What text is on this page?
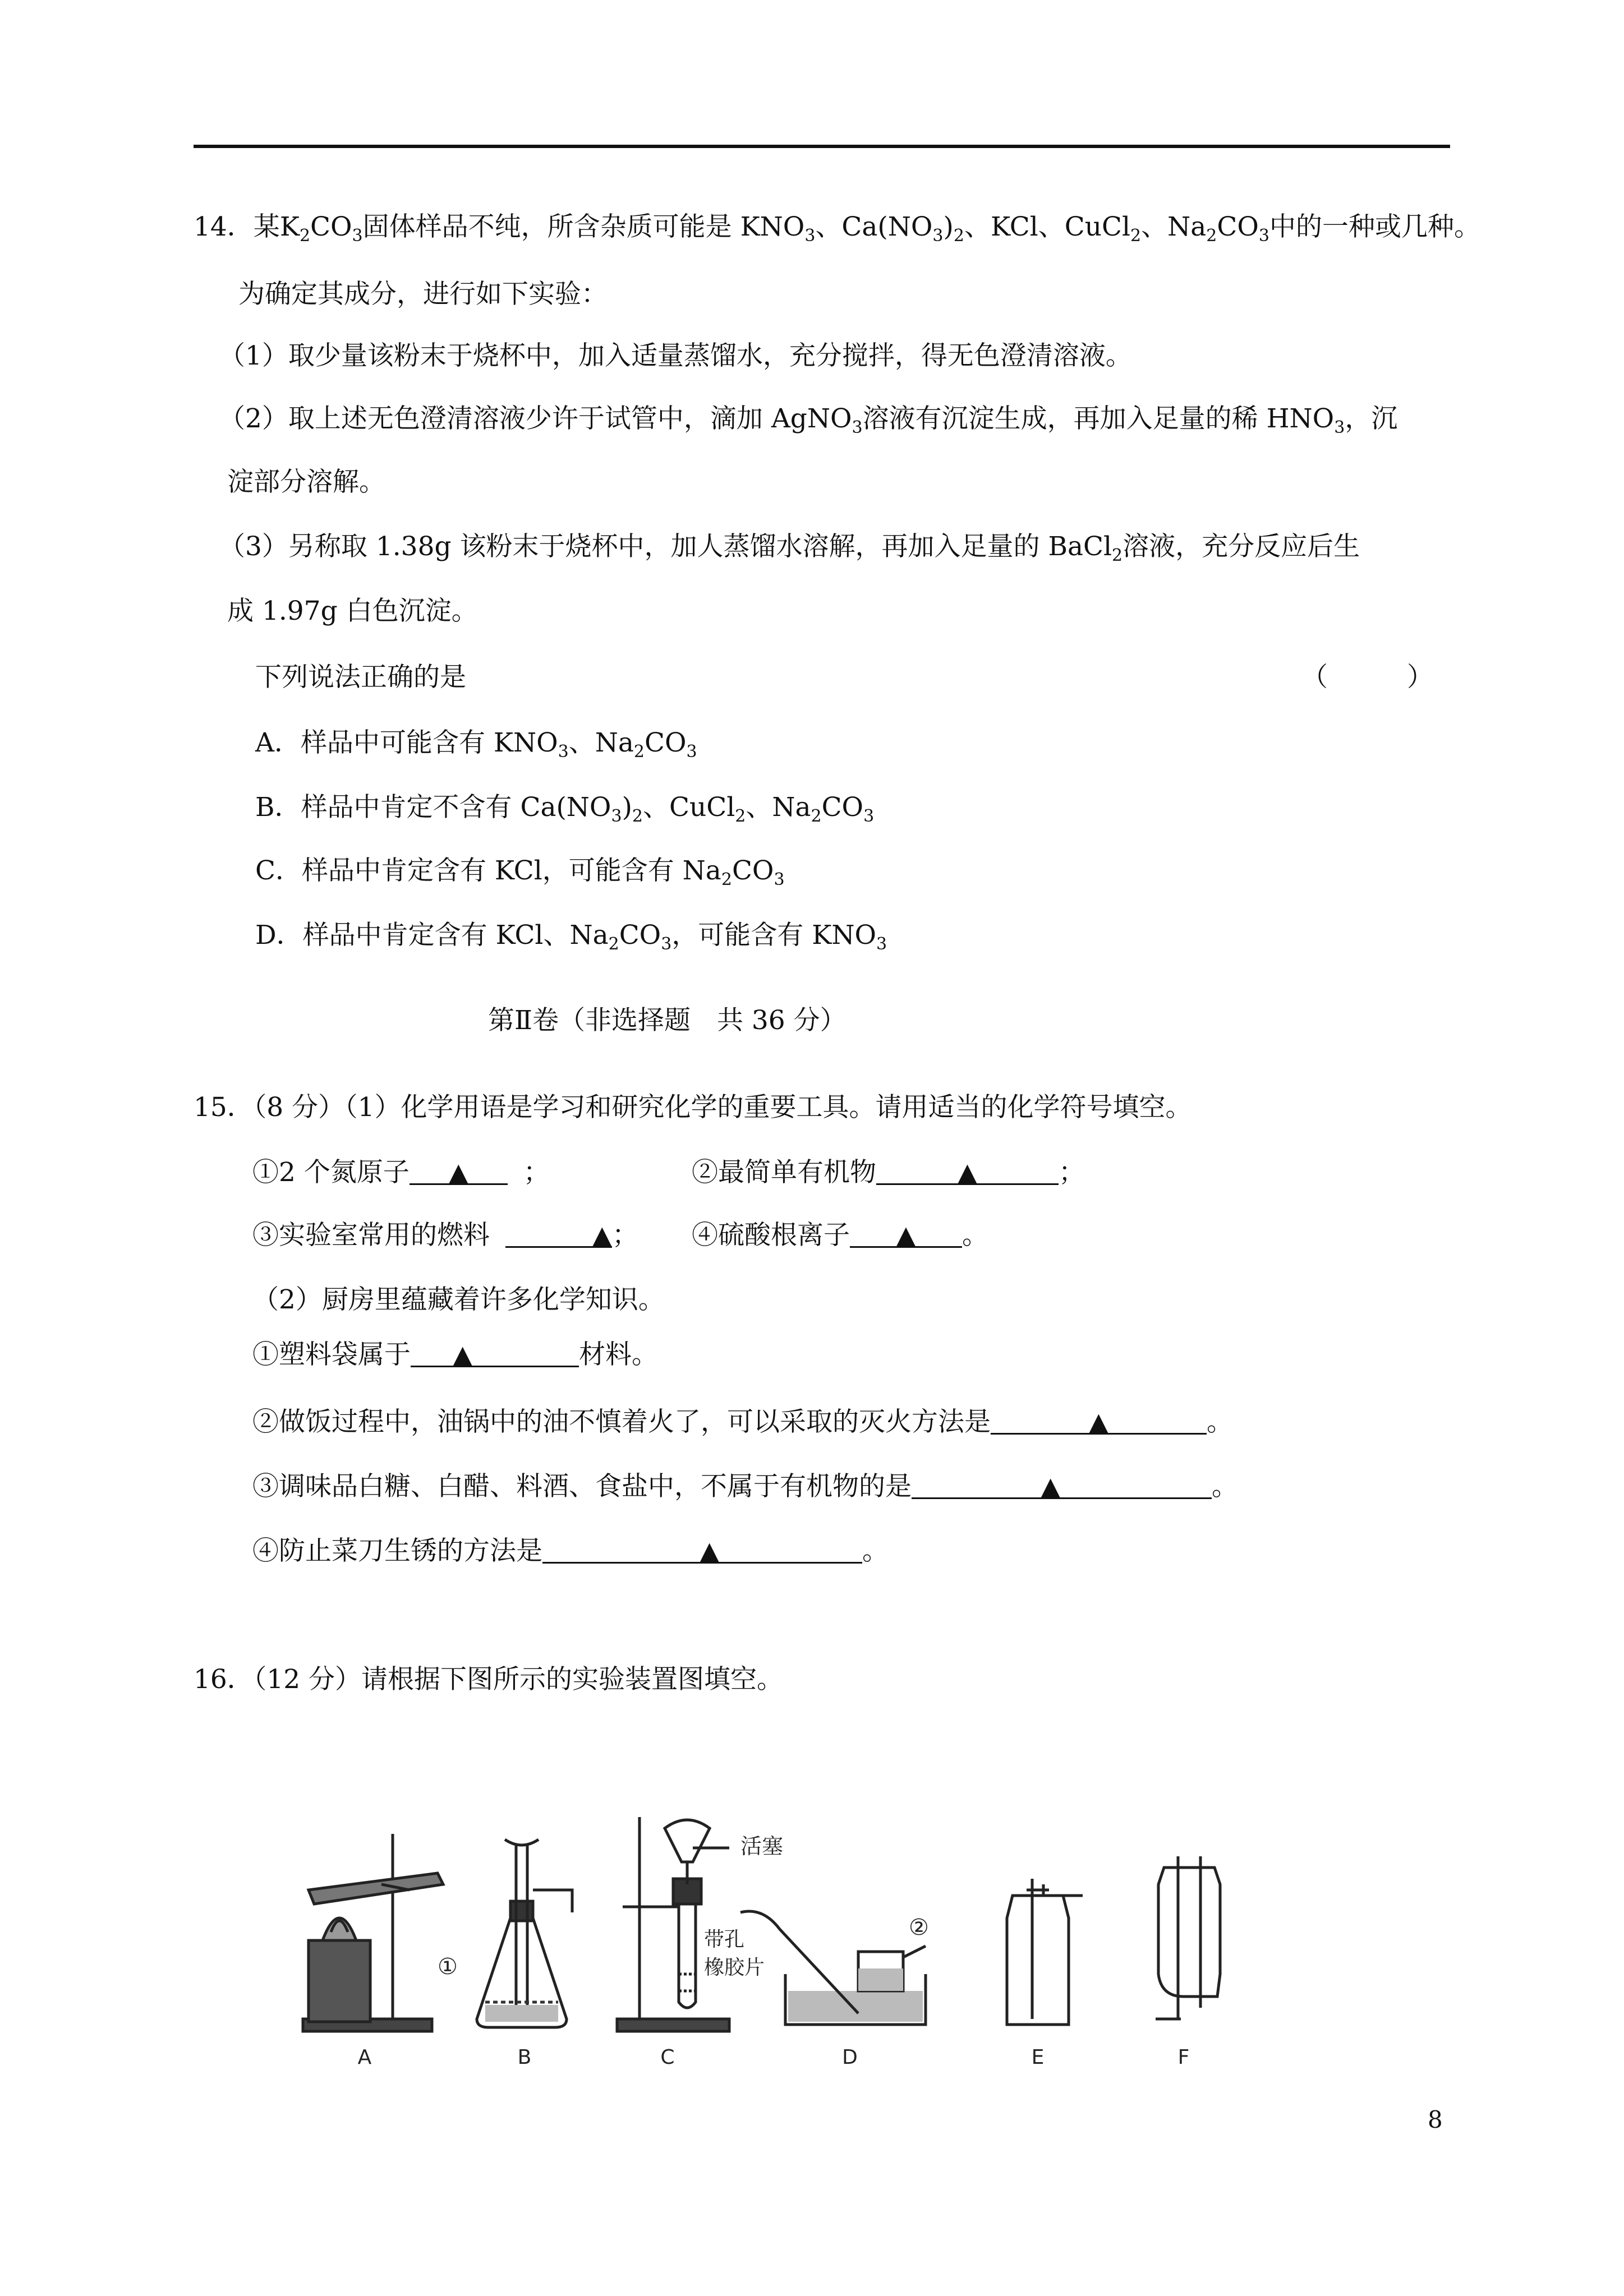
14．某$K_2CO_3$固体样品不纯，所含杂质可能是 $KNO_3$、$Ca(NO_3)_2$、KCl、CuCl$_2$、$Na_2CO_3$中的一种或几种。
为确定其成分，进行如下实验：
（1）取少量该粉末于烧杯中，加入适量蒸馏水，充分搅拌，得无色澄清溶液。
（2）取上述无色澄清溶液少许于试管中，滴加 AgNO$_3$溶液有沉淀生成，再加入足量的稀 $HNO_3$，沉
淀部分溶解。
（3）另称取 1.38g 该粉末于烧杯中，加人蒸馏水溶解，再加入足量的 BaCl$_2$溶液，充分反应后生
成 1.97g 白色沉淀。
下列说法正确的是	（　　　）
A．样品中可能含有 $KNO_3$、$Na_2CO_3$
B．样品中肯定不含有 $Ca(NO_3)_2$、CuCl$_2$、$Na_2CO_3$
C．样品中肯定含有 KCl，可能含有 $Na_2CO_3$
D．样品中肯定含有 KCl、$Na_2CO_3$，可能含有 $KNO_3$
第Ⅱ卷（非选择题　共 36 分）
15．（8 分）（1）化学用语是学习和研究化学的重要工具。请用适当的化学符号填空。
①2 个氮原子 ▲ ；	②最简单有机物	▲	；
③实验室常用的燃料	▲； ④硫酸根离子 ▲ 。
（2）厨房里蕴藏着许多化学知识。
①塑料袋属于 ▲	材料。
②做饭过程中，油锅中的油不慎着火了，可以采取的灭火方法是	▲	。
③调味品白糖、白醋、料酒、食盐中，不属于有机物的是	▲	。
④防止菜刀生锈的方法是	▲	。
16．（12 分）请根据下图所示的实验装置图填空。
A	B	C	D	E	F
①
②
活塞
带孔
橡胶片
8
